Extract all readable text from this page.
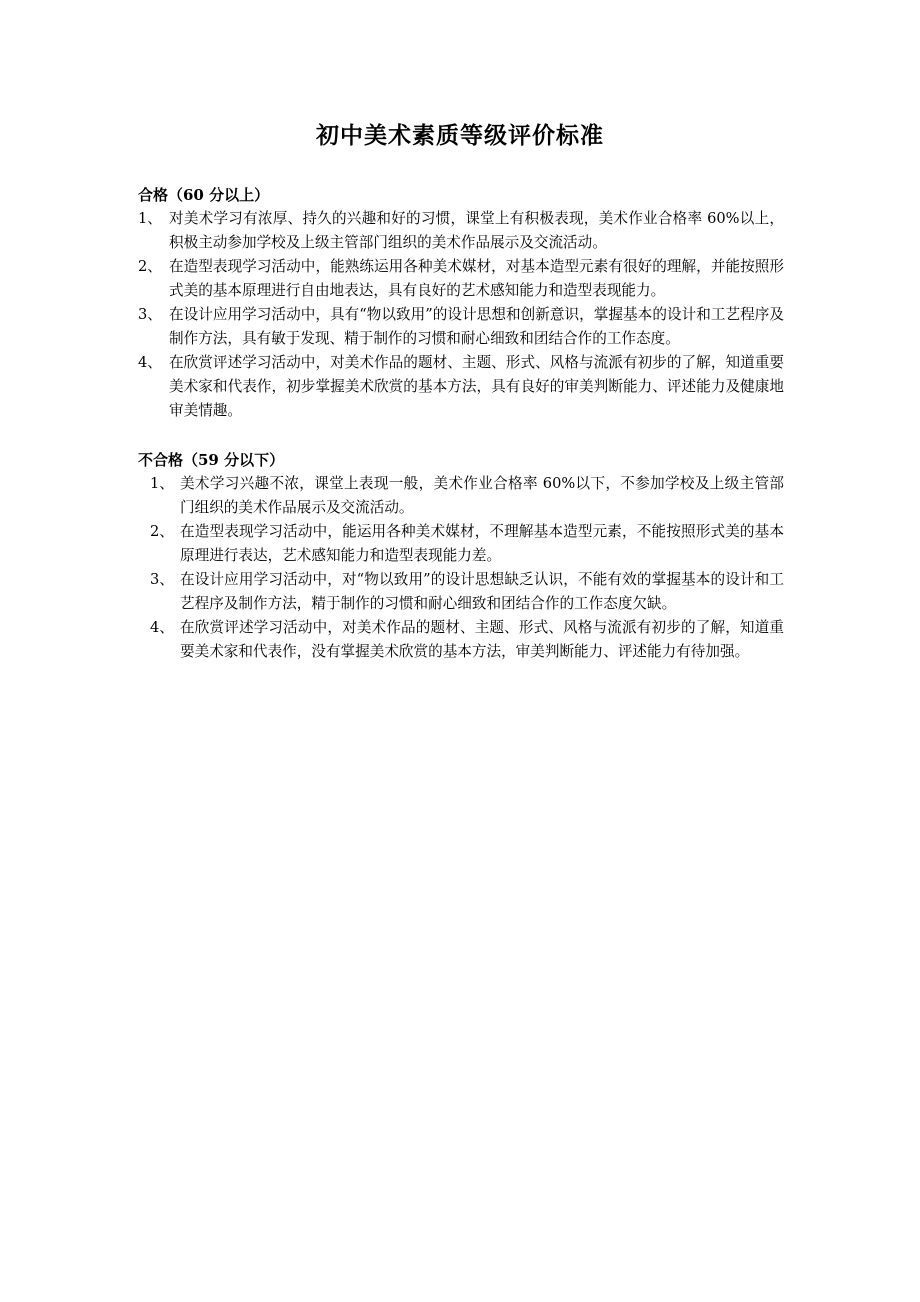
初中美术素质等级评价标准
合格（60 分以上）
1、 对美术学习有浓厚、持久的兴趣和好的习惯，课堂上有积极表现，美术作业合格率 60%以上，积极主动参加学校及上级主管部门组织的美术作品展示及交流活动。
2、 在造型表现学习活动中，能熟练运用各种美术媒材，对基本造型元素有很好的理解，并能按照形式美的基本原理进行自由地表达，具有良好的艺术感知能力和造型表现能力。
3、 在设计应用学习活动中，具有“物以致用”的设计思想和创新意识，掌握基本的设计和工艺程序及制作方法，具有敏于发现、精于制作的习惯和耐心细致和团结合作的工作态度。
4、 在欣赏评述学习活动中，对美术作品的题材、主题、形式、风格与流派有初步的了解，知道重要美术家和代表作，初步掌握美术欣赏的基本方法，具有良好的审美判断能力、评述能力及健康地审美情趣。
不合格（59 分以下）
1、 美术学习兴趣不浓，课堂上表现一般，美术作业合格率 60%以下，不参加学校及上级主管部门组织的美术作品展示及交流活动。
2、 在造型表现学习活动中，能运用各种美术媒材，不理解基本造型元素，不能按照形式美的基本原理进行表达，艺术感知能力和造型表现能力差。
3、 在设计应用学习活动中，对“物以致用”的设计思想缺乏认识，不能有效的掌握基本的设计和工艺程序及制作方法，精于制作的习惯和耐心细致和团结合作的工作态度欠缺。
4、 在欣赏评述学习活动中，对美术作品的题材、主题、形式、风格与流派有初步的了解，知道重要美术家和代表作，没有掌握美术欣赏的基本方法，审美判断能力、评述能力有待加强。
